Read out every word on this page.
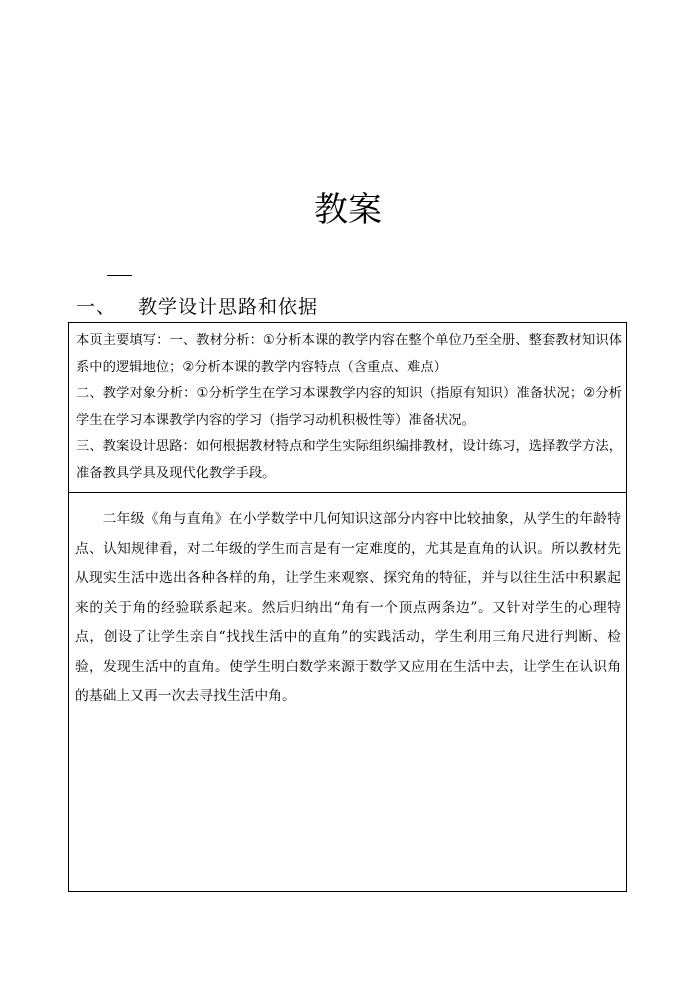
教案
一、 教学设计思路和依据

本页主要填写：一、教材分析：①分析本课的教学内容在整个单位乃至全册、整套教材知识体系中的逻辑地位；②分析本课的教学内容特点（含重点、难点）

二、教学对象分析：①分析学生在学习本课教学内容的知识（指原有知识）准备状况；②分析学生在学习本课教学内容的学习（指学习动机积极性等）准备状况。

三、教案设计思路：如何根据教材特点和学生实际组织编排教材，设计练习，选择教学方法，准备教具学具及现代化教学手段。

二年级《角与直角》在小学数学中几何知识这部分内容中比较抽象，从学生的年龄特点、认知规律看，对二年级的学生而言是有一定难度的，尤其是直角的认识。所以教材先从现实生活中选出各种各样的角，让学生来观察、探究角的特征，并与以往生活中积累起来的关于角的经验联系起来。然后归纳出“角有一个顶点两条边”。又针对学生的心理特点，创设了让学生亲自“找找生活中的直角”的实践活动，学生利用三角尺进行判断、检验，发现生活中的直角。使学生明白数学来源于数学又应用在生活中去，让学生在认识角的基础上又再一次去寻找生活中角。
